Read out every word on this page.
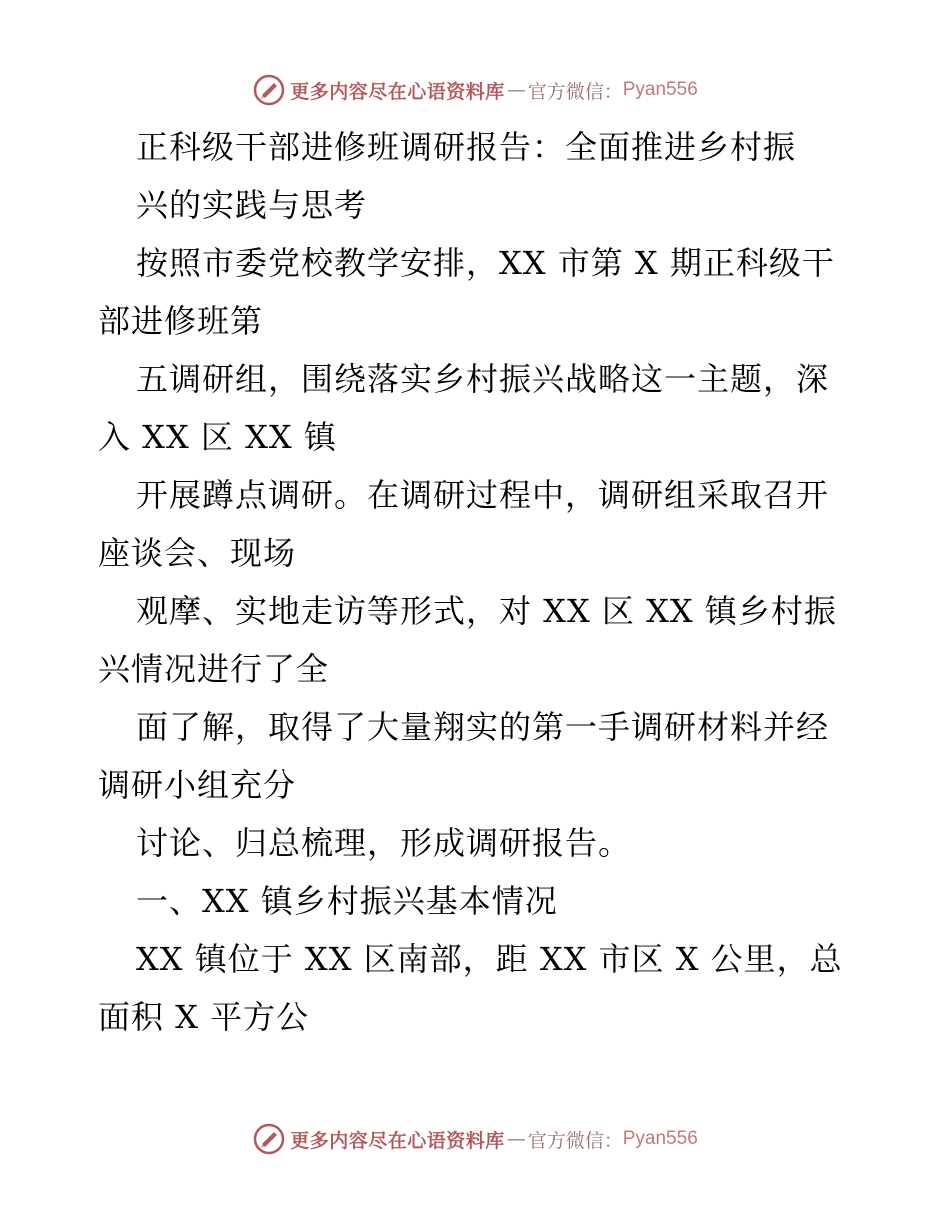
更多内容尽在心语资料库 — 官方微信： Pyan556
正科级干部进修班调研报告：全面推进乡村振
兴的实践与思考
按照市委党校教学安排，XX 市第 X 期正科级干
部进修班第
五调研组，围绕落实乡村振兴战略这一主题，深
入 XX 区 XX 镇
开展蹲点调研。在调研过程中，调研组采取召开
座谈会、现场
观摩、实地走访等形式，对 XX 区 XX 镇乡村振
兴情况进行了全
面了解，取得了大量翔实的第一手调研材料并经
调研小组充分
讨论、归总梳理，形成调研报告。
一、XX 镇乡村振兴基本情况
XX 镇位于 XX 区南部，距 XX 市区 X 公里，总
面积 X 平方公
更多内容尽在心语资料库 — 官方微信： Pyan556
